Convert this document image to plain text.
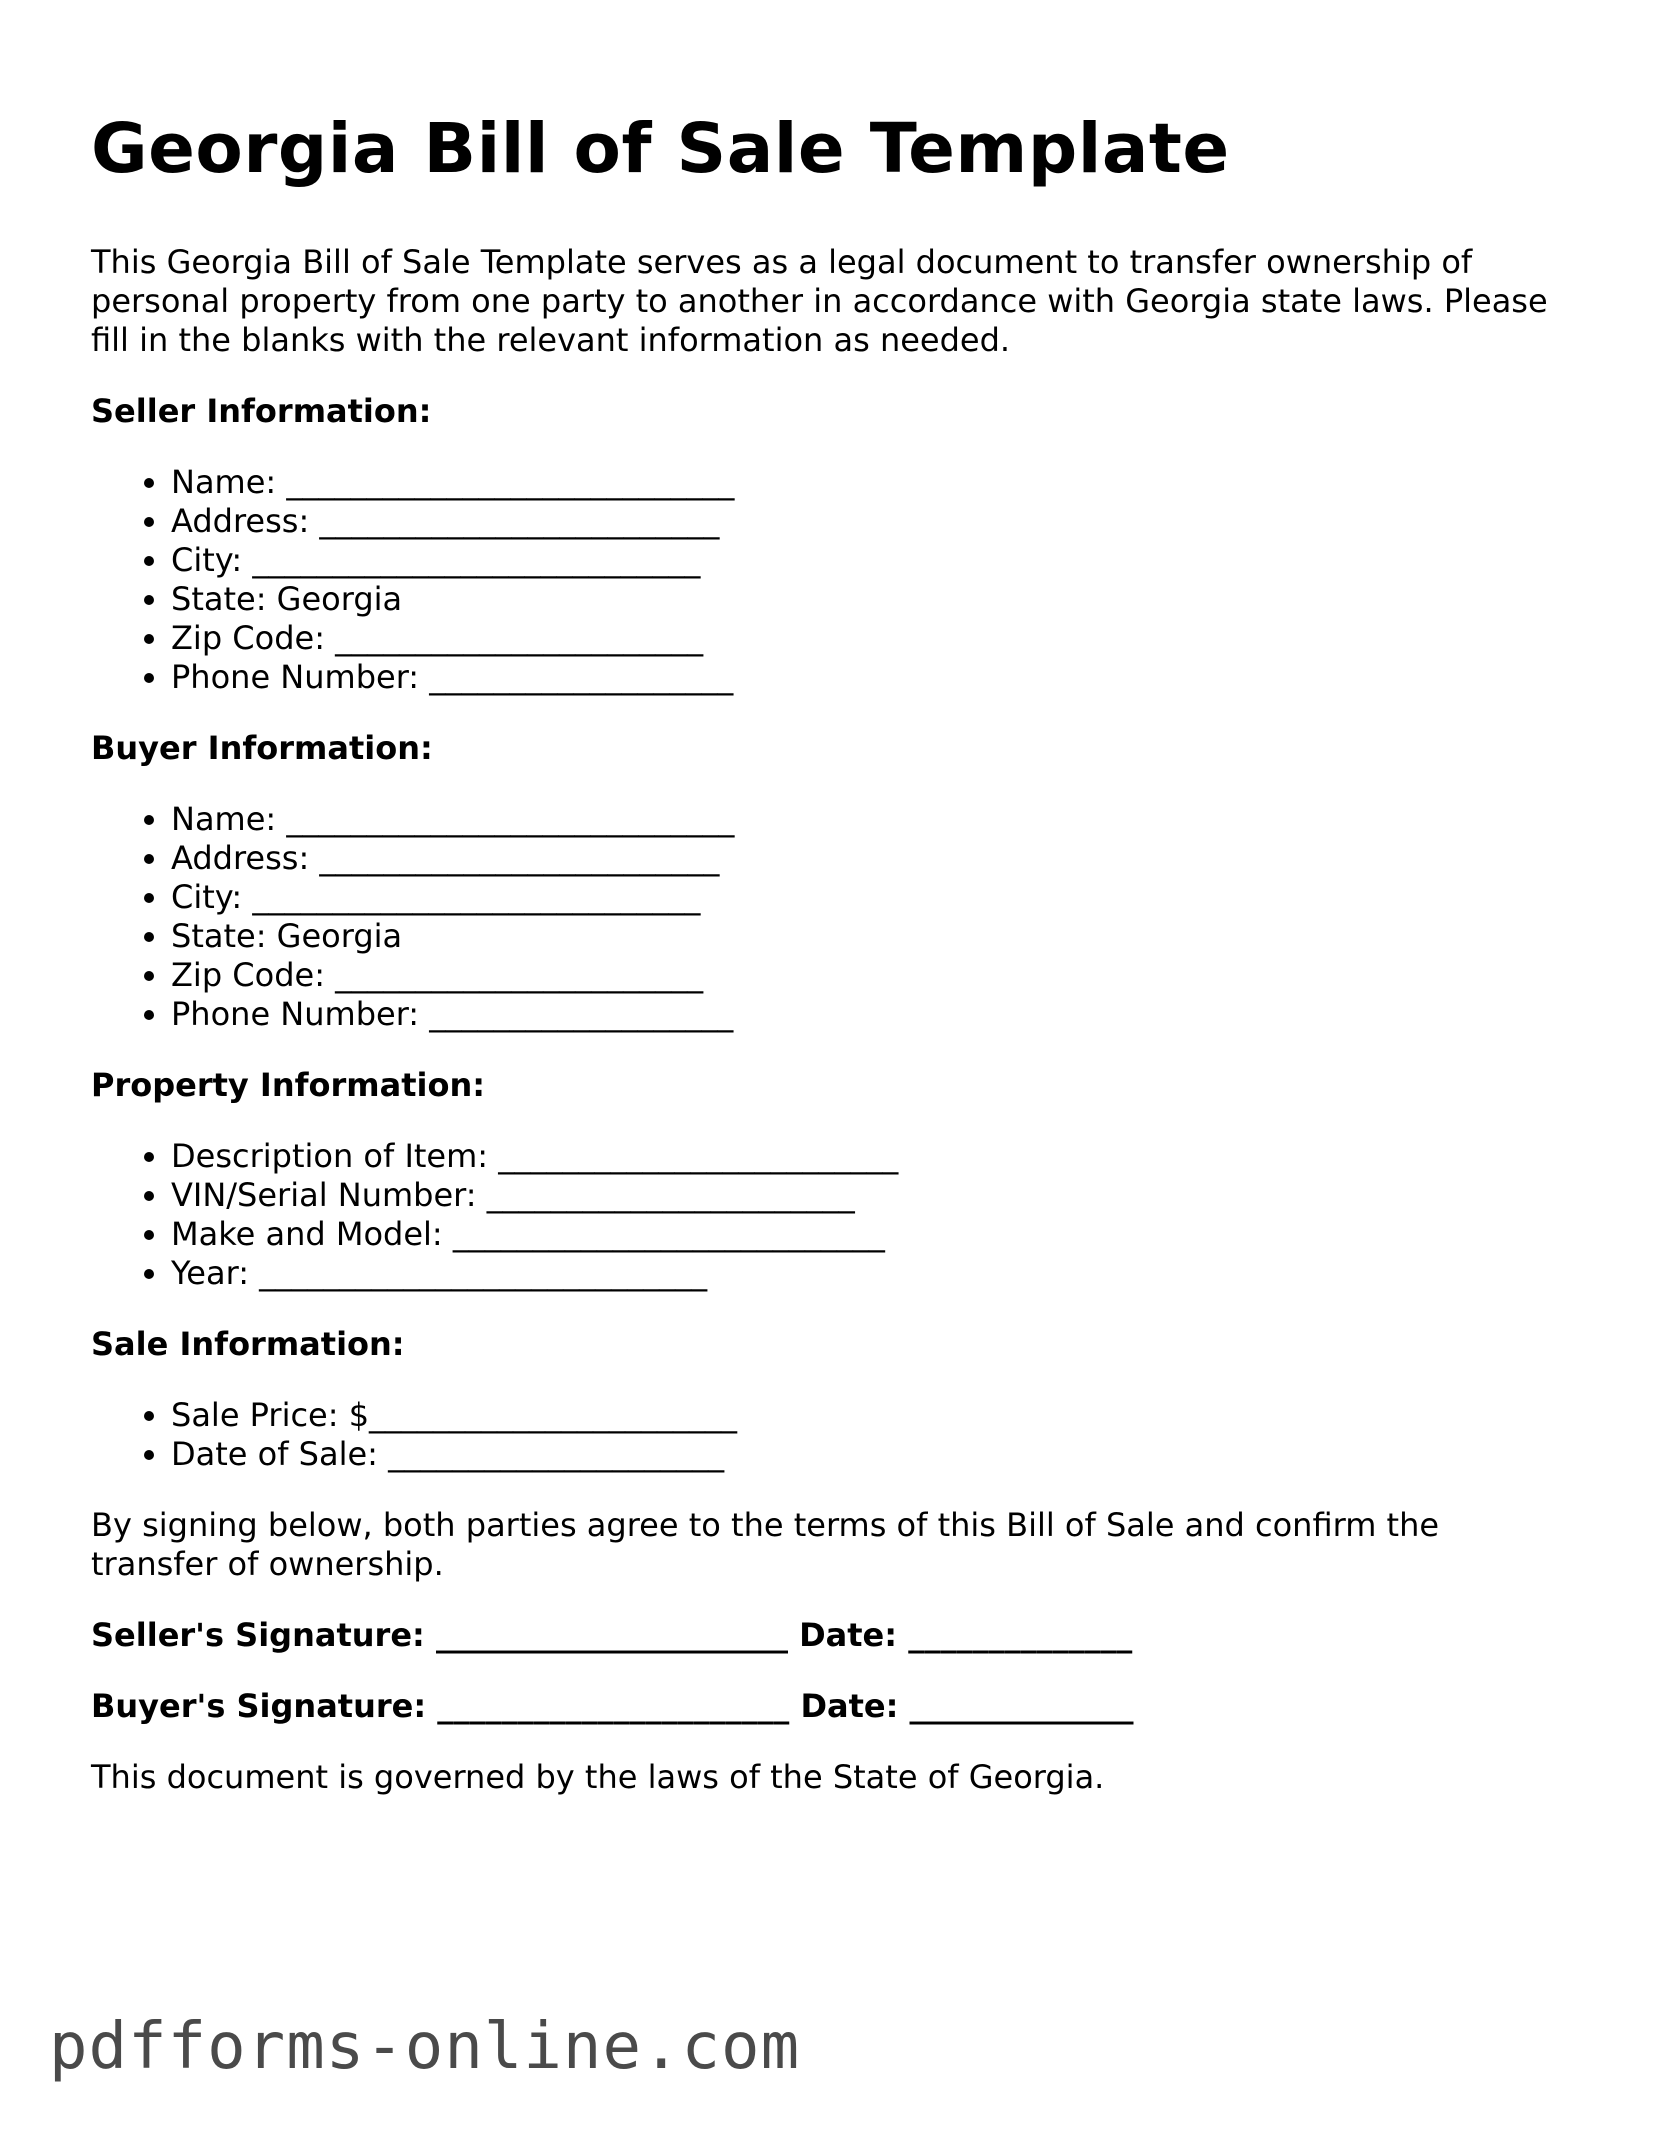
Georgia Bill of Sale Template

This Georgia Bill of Sale Template serves as a legal document to transfer ownership of personal property from one party to another in accordance with Georgia state laws. Please fill in the blanks with the relevant information as needed.

Seller Information:

• Name: ____________________________
• Address: _________________________
• City: ____________________________
• State: Georgia
• Zip Code: _______________________
• Phone Number: ___________________

Buyer Information:

• Name: ____________________________
• Address: _________________________
• City: ____________________________
• State: Georgia
• Zip Code: _______________________
• Phone Number: ___________________

Property Information:

• Description of Item: _________________________
• VIN/Serial Number: _______________________
• Make and Model: ___________________________
• Year: ____________________________

Sale Information:

• Sale Price: $_______________________
• Date of Sale: _____________________

By signing below, both parties agree to the terms of this Bill of Sale and confirm the transfer of ownership.

Seller's Signature: ______________________ Date: ______________

Buyer's Signature: ______________________ Date: ______________

This document is governed by the laws of the State of Georgia.

pdfforms-online.com
